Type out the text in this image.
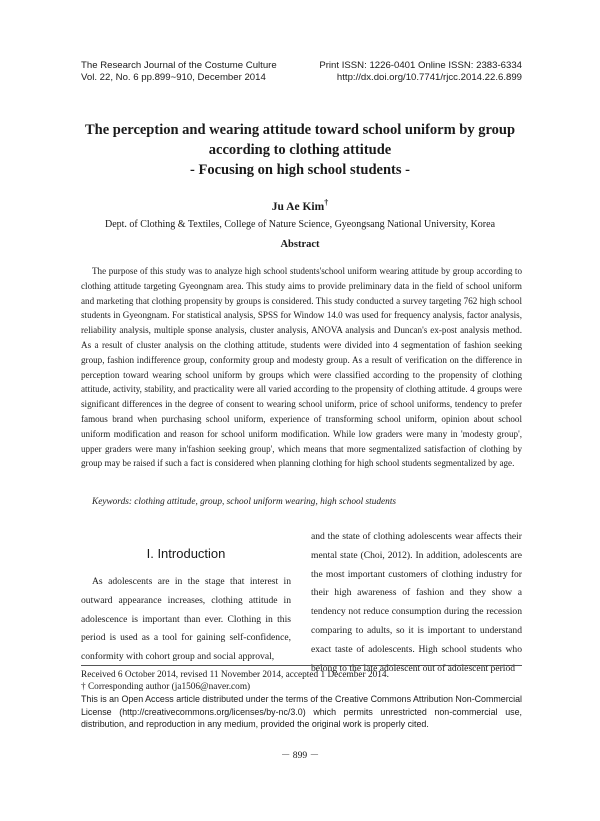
The Research Journal of the Costume Culture	Print ISSN: 1226-0401 Online ISSN: 2383-6334
Vol. 22, No. 6 pp.899~910, December 2014	http://dx.doi.org/10.7741/rjcc.2014.22.6.899

The perception and wearing attitude toward school uniform by group
according to clothing attitude
- Focusing on high school students -

Ju Ae Kim†
Dept. of Clothing & Textiles, College of Nature Science, Gyeongsang National University, Korea
Abstract

The purpose of this study was to analyze high school students'school uniform wearing attitude by group according to clothing attitude targeting Gyeongnam area. This study aims to provide preliminary data in the field of school uniform and marketing that clothing propensity by groups is considered. This study conducted a survey targeting 762 high school students in Gyeongnam. For statistical analysis, SPSS for Window 14.0 was used for frequency analysis, factor analysis, reliability analysis, multiple sponse analysis, cluster analysis, ANOVA analysis and Duncan's ex-post analysis method. As a result of cluster analysis on the clothing attitude, students were divided into 4 segmentation of fashion seeking group, fashion indifference group, conformity group and modesty group. As a result of verification on the difference in perception toward wearing school uniform by groups which were classified according to the propensity of clothing attitude, activity, stability, and practicality were all varied according to the propensity of clothing attitude. 4 groups were significant differences in the degree of consent to wearing school uniform, price of school uniforms, tendency to prefer famous brand when purchasing school uniform, experience of transforming school uniform, opinion about school uniform modification and reason for school uniform modification. While low graders were many in 'modesty group', upper graders were many in'fashion seeking group', which means that more segmentalized satisfaction of clothing by group may be raised if such a fact is considered when planning clothing for high school students segmentalized by age.

Keywords: clothing attitude, group, school uniform wearing, high school students
I. Introduction

As adolescents are in the stage that interest in outward appearance increases, clothing attitude in adolescence is important than ever. Clothing in this period is used as a tool for gaining self-confidence, conformity with cohort group and social approval,

and the state of clothing adolescents wear affects their mental state (Choi, 2012). In addition, adolescents are the most important customers of clothing industry for their high awareness of fashion and they show a tendency not reduce consumption during the recession comparing to adults, so it is important to understand exact taste of adolescents. High school students who belong to the late adolescent out of adolescent period

Received 6 October 2014, revised 11 November 2014, accepted 1 December 2014.

† Corresponding author (ja1506@naver.com)

This is an Open Access article distributed under the terms of the Creative Commons Attribution Non-Commercial License (http://creativecommons.org/licenses/by-nc/3.0) which permits unrestricted non-commercial use, distribution, and reproduction in any medium, provided the original work is properly cited.

－ 899 －
